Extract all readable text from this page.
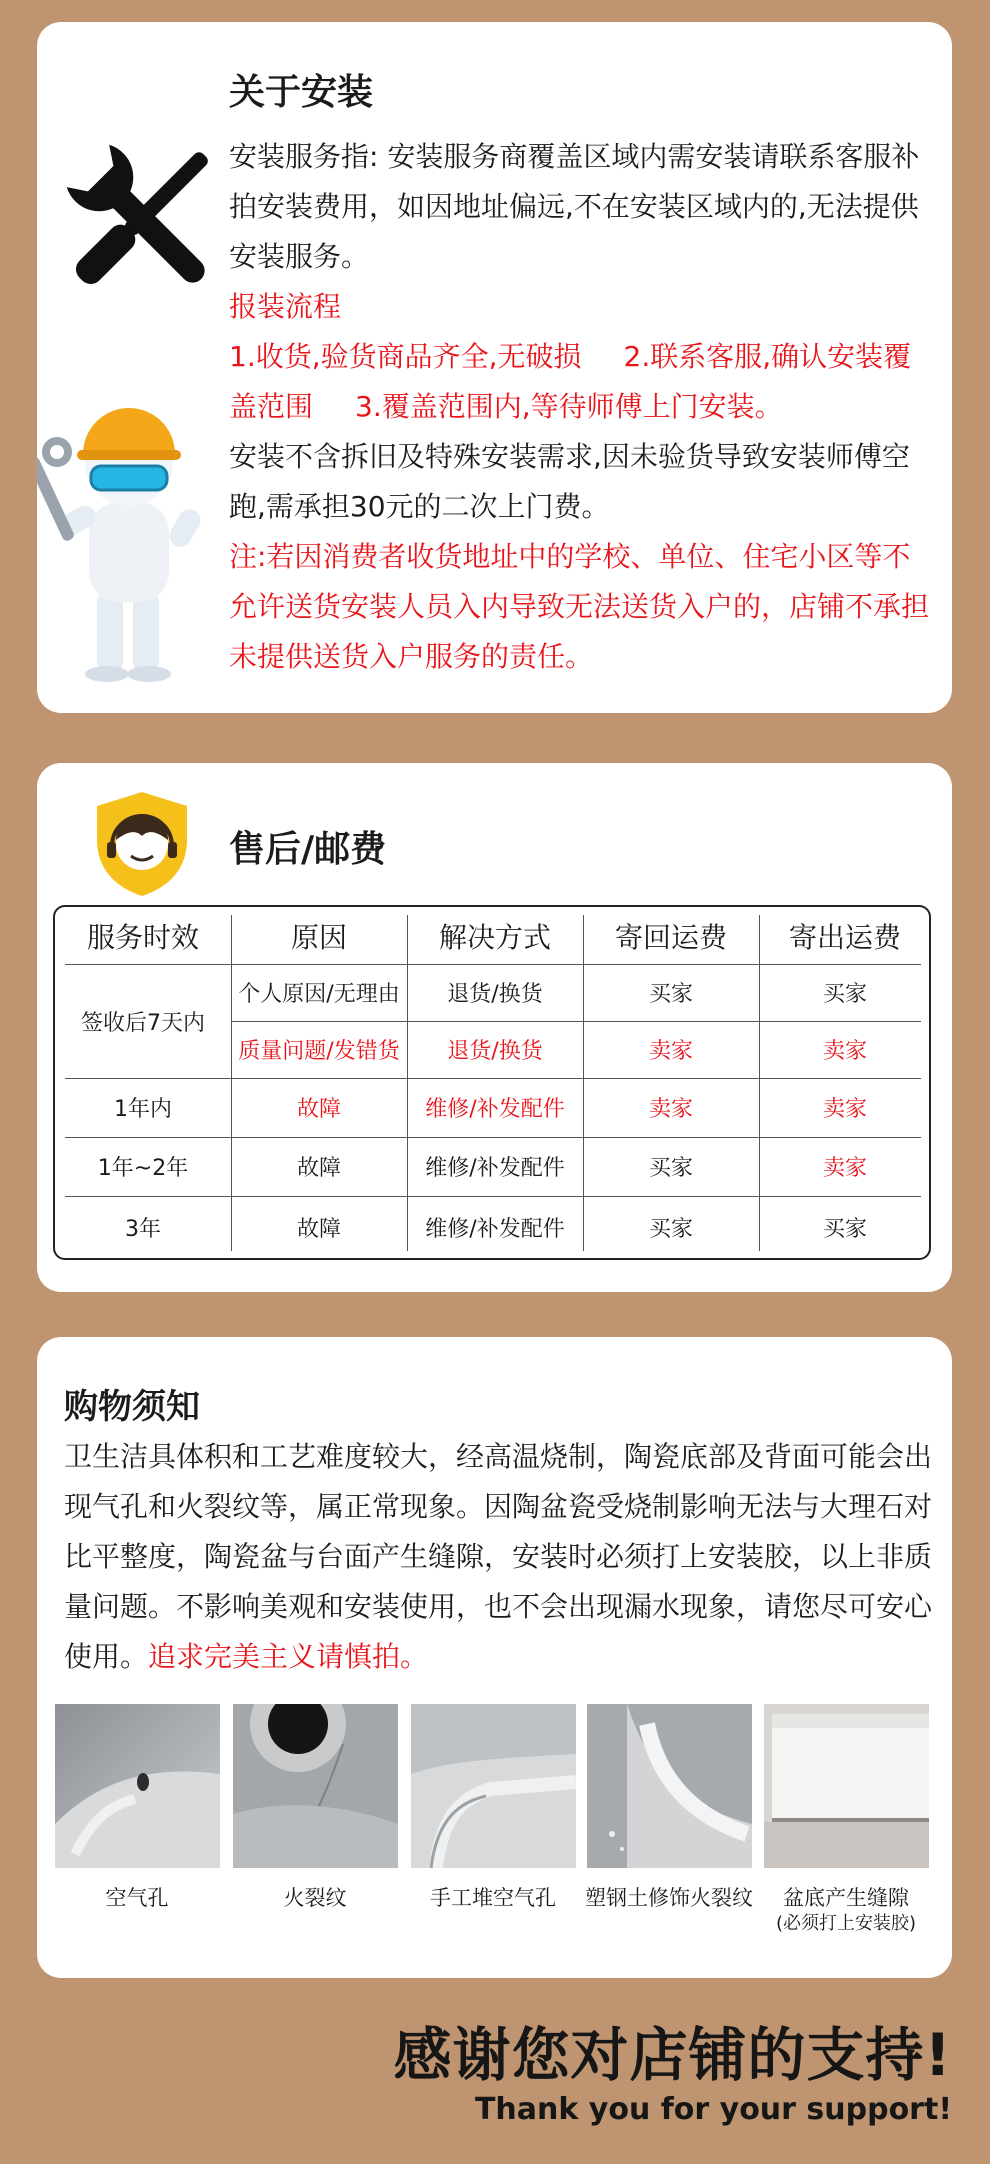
关于安装

安装服务指: 安装服务商覆盖区域内需安装请联系客服补拍安装费用，如因地址偏远,不在安装区域内的,无法提供安装服务。

报装流程

1.收货,验货商品齐全,无破损 2.联系客服,确认安装覆盖范围 3.覆盖范围内,等待师傅上门安装。

安装不含拆旧及特殊安装需求,因未验货导致安装师傅空跑,需承担30元的二次上门费。

注:若因消费者收货地址中的学校、单位、住宅小区等不允许送货安装人员入内导致无法送货入户的，店铺不承担未提供送货入户服务的责任。

售后/邮费
服务时效	原因	解决方式	寄回运费	寄出运费
签收后7天内
个人原因/无理由	退货/换货	买家	买家
质量问题/发错货	退货/换货	卖家	卖家
1年内	故障	维修/补发配件	卖家	卖家
1年~2年	故障	维修/补发配件	买家	卖家
3年	故障	维修/补发配件	买家	买家
购物须知

卫生洁具体积和工艺难度较大，经高温烧制，陶瓷底部及背面可能会出现气孔和火裂纹等，属正常现象。因陶盆瓷受烧制影响无法与大理石对比平整度，陶瓷盆与台面产生缝隙，安装时必须打上安装胶，以上非质量问题。不影响美观和安装使用，也不会出现漏水现象，请您尽可安心使用。追求完美主义请慎拍。

空气孔	火裂纹	手工堆空气孔	塑钢土修饰火裂纹	盆底产生缝隙
(必须打上安装胶)
感谢您对店铺的支持!
Thank you for your support!
